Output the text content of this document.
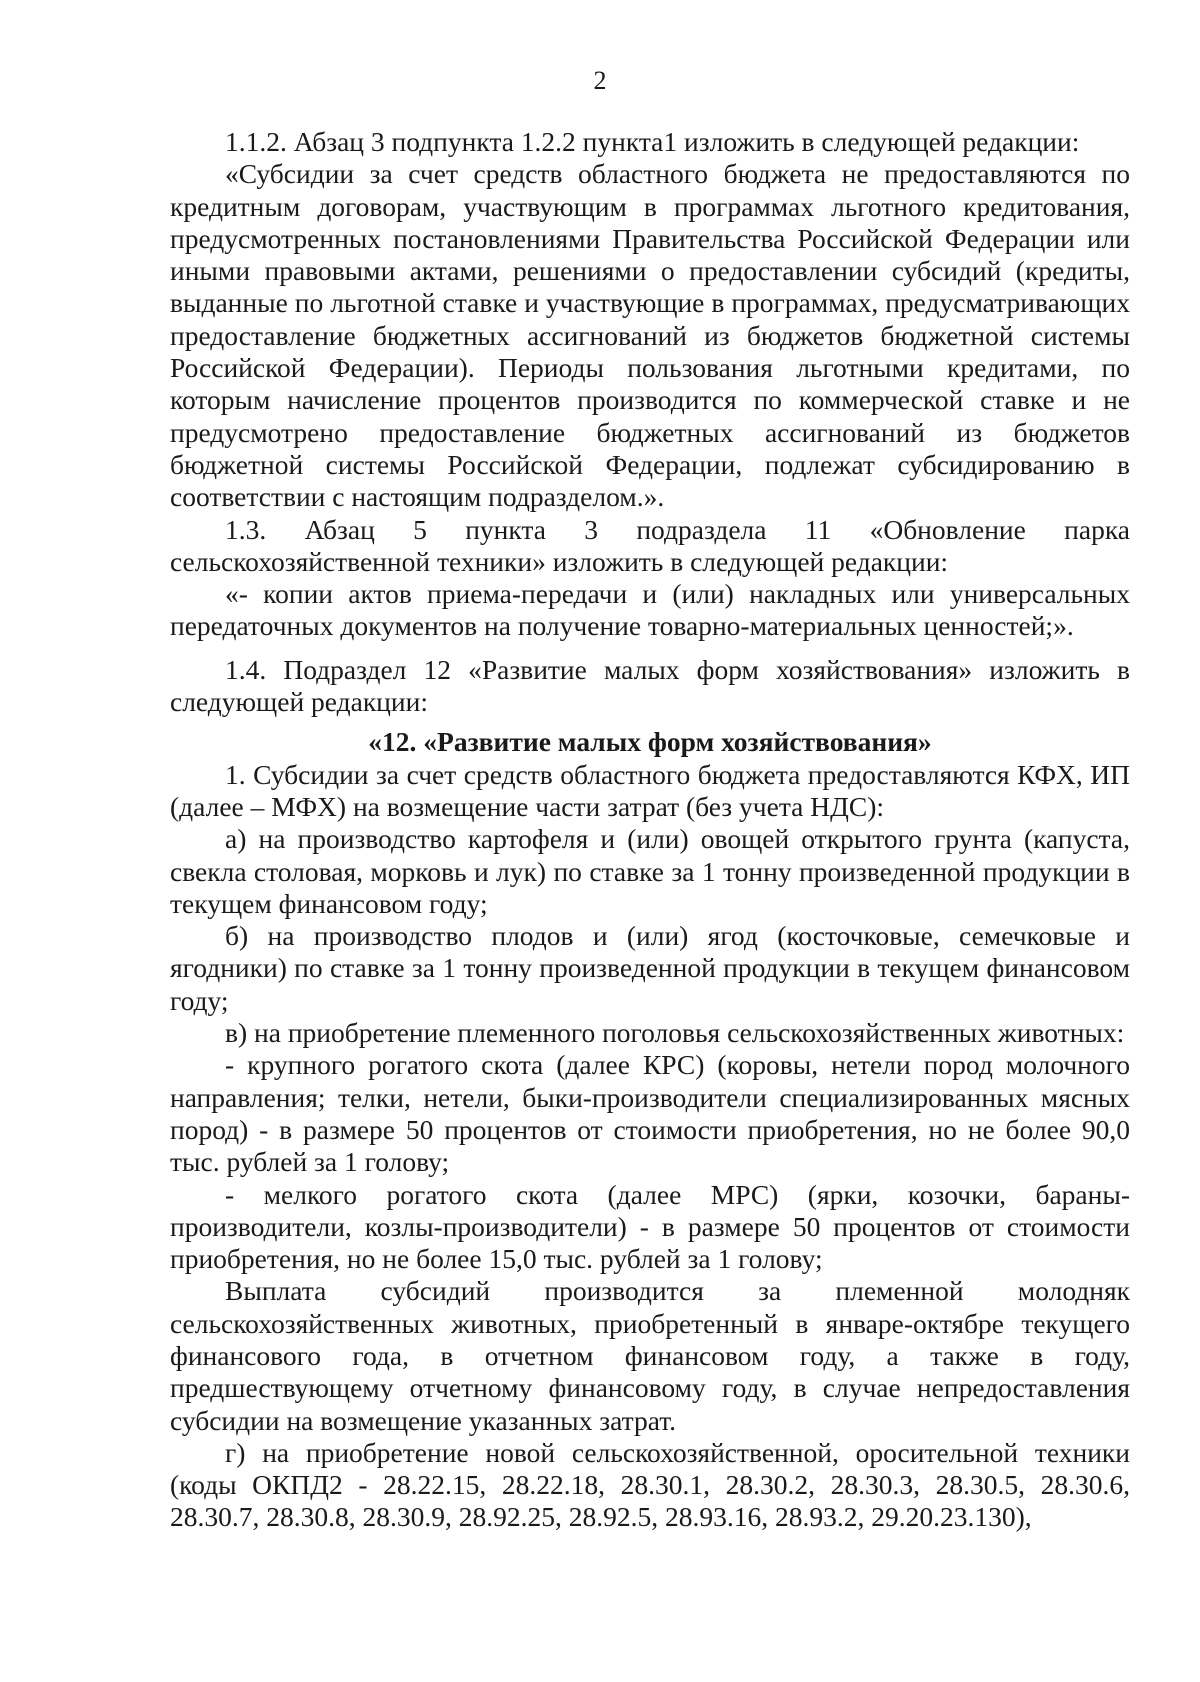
2

1.1.2. Абзац 3 подпункта 1.2.2 пункта1 изложить в следующей редакции:

«Субсидии за счет средств областного бюджета не предоставляются по кредитным договорам, участвующим в программах льготного кредитования, предусмотренных постановлениями Правительства Российской Федерации или иными правовыми актами, решениями о предоставлении субсидий (кредиты, выданные по льготной ставке и участвующие в программах, предусматривающих предоставление бюджетных ассигнований из бюджетов бюджетной системы Российской Федерации). Периоды пользования льготными кредитами, по которым начисление процентов производится по коммерческой ставке и не предусмотрено предоставление бюджетных ассигнований из бюджетов бюджетной системы Российской Федерации, подлежат субсидированию в соответствии с настоящим подразделом.».

1.3. Абзац 5 пункта 3 подраздела 11 «Обновление парка сельскохозяйственной техники» изложить в следующей редакции:

«- копии актов приема-передачи и (или) накладных или универсальных передаточных документов на получение товарно-материальных ценностей;».

1.4. Подраздел 12 «Развитие малых форм хозяйствования» изложить в следующей редакции:

«12. «Развитие малых форм хозяйствования»

1. Субсидии за счет средств областного бюджета предоставляются КФХ, ИП (далее – МФХ) на возмещение части затрат (без учета НДС):

а) на производство картофеля и (или) овощей открытого грунта (капуста, свекла столовая, морковь и лук) по ставке за 1 тонну произведенной продукции в текущем финансовом году;

б) на производство плодов и (или) ягод (косточковые, семечковые и ягодники) по ставке за 1 тонну произведенной продукции в текущем финансовом году;

в) на приобретение племенного поголовья сельскохозяйственных животных:

- крупного рогатого скота (далее КРС) (коровы, нетели пород молочного направления; телки, нетели, быки-производители специализированных мясных пород) - в размере 50 процентов от стоимости приобретения, но не более 90,0 тыс. рублей за 1 голову;

- мелкого рогатого скота (далее МРС) (ярки, козочки, бараны-производители, козлы-производители) - в размере 50 процентов от стоимости приобретения, но не более 15,0 тыс. рублей за 1 голову;

Выплата субсидий производится за племенной молодняк сельскохозяйственных животных, приобретенный в январе-октябре текущего финансового года, в отчетном финансовом году, а также в году, предшествующему отчетному финансовому году, в случае непредоставления субсидии на возмещение указанных затрат.

г) на приобретение новой сельскохозяйственной, оросительной техники (коды ОКПД2 - 28.22.15, 28.22.18, 28.30.1, 28.30.2, 28.30.3, 28.30.5, 28.30.6, 28.30.7, 28.30.8, 28.30.9, 28.92.25, 28.92.5, 28.93.16, 28.93.2, 29.20.23.130),
